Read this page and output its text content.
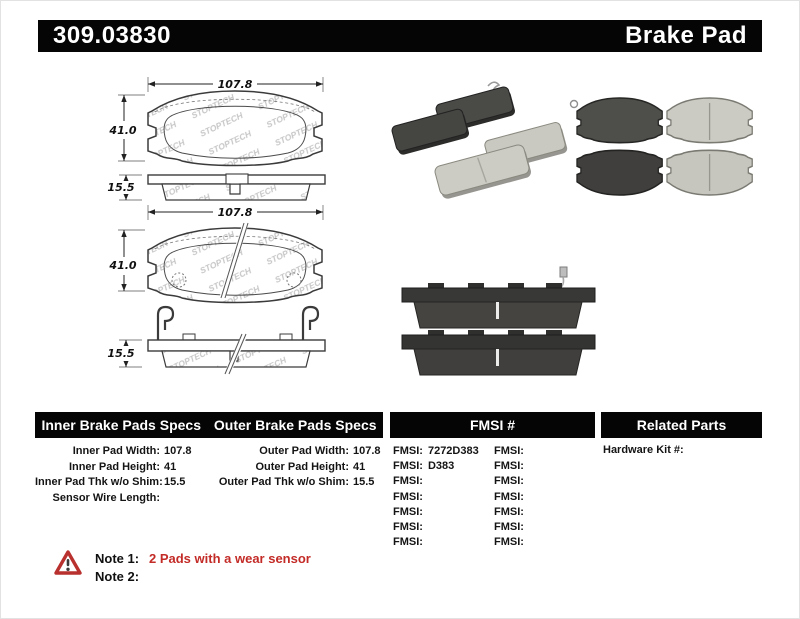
309.03830	Brake Pad
107.8
41.0
15.5
107.8
41.0
15.5
Inner Brake Pads Specs Outer Brake Pads Specs	FMSI #	Related Parts
Inner Pad Width: 107.8	Outer Pad Width: 107.8
Inner Pad Height: 41	Outer Pad Height: 41
Inner Pad Thk w/o Shim: 15.5	Outer Pad Thk w/o Shim: 15.5
Sensor Wire Length:
FMSI: 7272D383 FMSI:
FMSI: D383	FMSI:
FMSI:	FMSI:
FMSI:	FMSI:
FMSI:	FMSI:
FMSI:	FMSI:
FMSI:	FMSI:
Hardware Kit #:
Note 1: 2 Pads with a wear sensor
Note 2:
